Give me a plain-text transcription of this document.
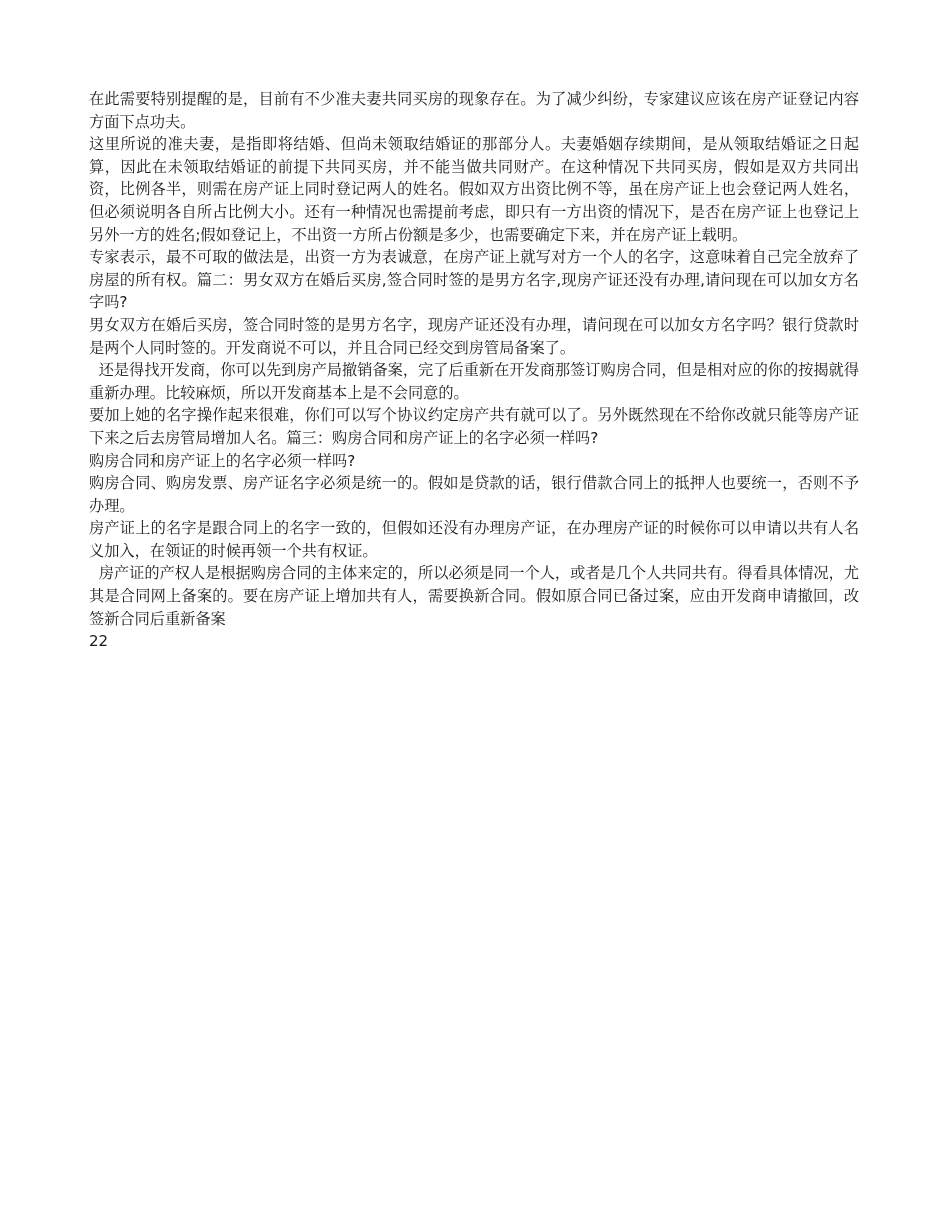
在此需要特别提醒的是，目前有不少准夫妻共同买房的现象存在。为了减少纠纷，专家建议应该在房产证登记内容方面下点功夫。

这里所说的准夫妻，是指即将结婚、但尚未领取结婚证的那部分人。夫妻婚姻存续期间，是从领取结婚证之日起算，因此在未领取结婚证的前提下共同买房，并不能当做共同财产。在这种情况下共同买房，假如是双方共同出资，比例各半，则需在房产证上同时登记两人的姓名。假如双方出资比例不等，虽在房产证上也会登记两人姓名，但必须说明各自所占比例大小。还有一种情况也需提前考虑，即只有一方出资的情况下，是否在房产证上也登记上另外一方的姓名;假如登记上，不出资一方所占份额是多少，也需要确定下来，并在房产证上载明。

专家表示，最不可取的做法是，出资一方为表诚意，在房产证上就写对方一个人的名字，这意味着自己完全放弃了房屋的所有权。篇二：男女双方在婚后买房,签合同时签的是男方名字,现房产证还没有办理,请问现在可以加女方名字吗?

男女双方在婚后买房，签合同时签的是男方名字，现房产证还没有办理，请问现在可以加女方名字吗？银行贷款时是两个人同时签的。开发商说不可以，并且合同已经交到房管局备案了。

还是得找开发商，你可以先到房产局撤销备案，完了后重新在开发商那签订购房合同，但是相对应的你的按揭就得重新办理。比较麻烦，所以开发商基本上是不会同意的。

要加上她的名字操作起来很难，你们可以写个协议约定房产共有就可以了。另外既然现在不给你改就只能等房产证下来之后去房管局增加人名。篇三：购房合同和房产证上的名字必须一样吗?

购房合同和房产证上的名字必须一样吗?

购房合同、购房发票、房产证名字必须是统一的。假如是贷款的话，银行借款合同上的抵押人也要统一，否则不予办理。

房产证上的名字是跟合同上的名字一致的，但假如还没有办理房产证，在办理房产证的时候你可以申请以共有人名义加入，在领证的时候再领一个共有权证。

房产证的产权人是根据购房合同的主体来定的，所以必须是同一个人，或者是几个人共同共有。得看具体情况，尤其是合同网上备案的。要在房产证上增加共有人，需要换新合同。假如原合同已备过案，应由开发商申请撤回，改签新合同后重新备案

22
